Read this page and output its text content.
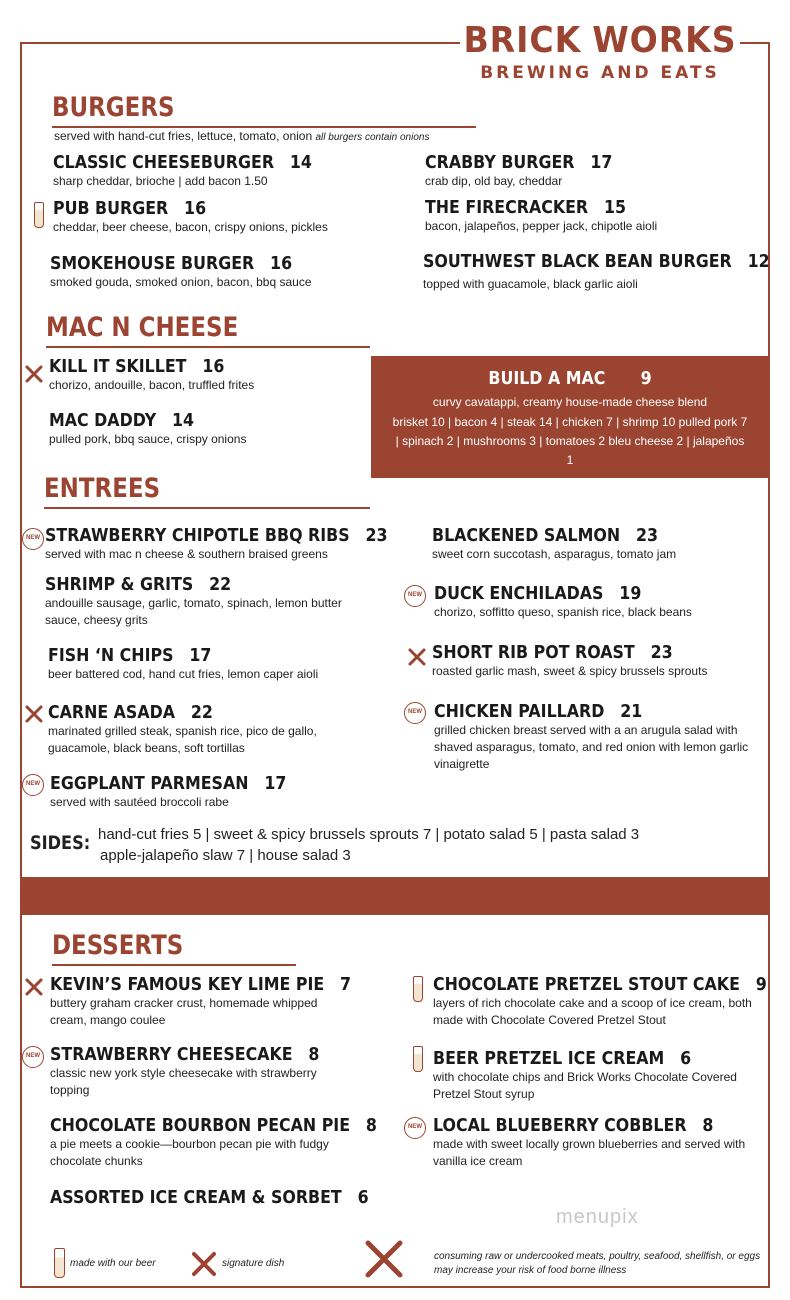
BRICK WORKS
BREWING AND EATS
BURGERS
served with hand-cut fries, lettuce, tomato, onion all burgers contain onions
CLASSIC CHEESEBURGER 14
sharp cheddar, brioche | add bacon 1.50
PUB BURGER 16
cheddar, beer cheese, bacon, crispy onions, pickles
SMOKEHOUSE BURGER 16
smoked gouda, smoked onion, bacon, bbq sauce
CRABBY BURGER 17
crab dip, old bay, cheddar
THE FIRECRACKER 15
bacon, jalapeños, pepper jack, chipotle aioli
SOUTHWEST BLACK BEAN BURGER 12
topped with guacamole, black garlic aioli
MAC N CHEESE
KILL IT SKILLET 16
chorizo, andouille, bacon, truffled frites
MAC DADDY 14
pulled pork, bbq sauce, crispy onions
BUILD A MAC 9
curvy cavatappi, creamy house-made cheese blend
brisket 10 | bacon 4 | steak 14 | chicken 7 | shrimp 10 pulled pork 7 | spinach 2 | mushrooms 3 | tomatoes 2 bleu cheese 2 | jalapeños 1
ENTREES
NEW STRAWBERRY CHIPOTLE BBQ RIBS 23
served with mac n cheese & southern braised greens
SHRIMP & GRITS 22
andouille sausage, garlic, tomato, spinach, lemon butter sauce, cheesy grits
FISH ‘N CHIPS 17
beer battered cod, hand cut fries, lemon caper aioli
CARNE ASADA 22
marinated grilled steak, spanish rice, pico de gallo, guacamole, black beans, soft tortillas
NEW EGGPLANT PARMESAN 17
served with sautéed broccoli rabe
BLACKENED SALMON 23
sweet corn succotash, asparagus, tomato jam
NEW DUCK ENCHILADAS 19
chorizo, soffitto queso, spanish rice, black beans
SHORT RIB POT ROAST 23
roasted garlic mash, sweet & spicy brussels sprouts
NEW CHICKEN PAILLARD 21
grilled chicken breast served with a an arugula salad with shaved asparagus, tomato, and red onion with lemon garlic vinaigrette
SIDES: hand-cut fries 5 | sweet & spicy brussels sprouts 7 | potato salad 5 | pasta salad 3
apple-jalapeño slaw 7 | house salad 3
DESSERTS
KEVIN’S FAMOUS KEY LIME PIE 7
buttery graham cracker crust, homemade whipped cream, mango coulee
NEW STRAWBERRY CHEESECAKE 8
classic new york style cheesecake with strawberry topping
CHOCOLATE BOURBON PECAN PIE 8
a pie meets a cookie—bourbon pecan pie with fudgy chocolate chunks
ASSORTED ICE CREAM & SORBET 6
CHOCOLATE PRETZEL STOUT CAKE 9
layers of rich chocolate cake and a scoop of ice cream, both made with Chocolate Covered Pretzel Stout
BEER PRETZEL ICE CREAM 6
with chocolate chips and Brick Works Chocolate Covered Pretzel Stout syrup
NEW LOCAL BLUEBERRY COBBLER 8
made with sweet locally grown blueberries and served with vanilla ice cream
menupix
made with our beer	signature dish
consuming raw or undercooked meats, poultry, seafood, shellfish, or eggs may increase your risk of food borne illness
